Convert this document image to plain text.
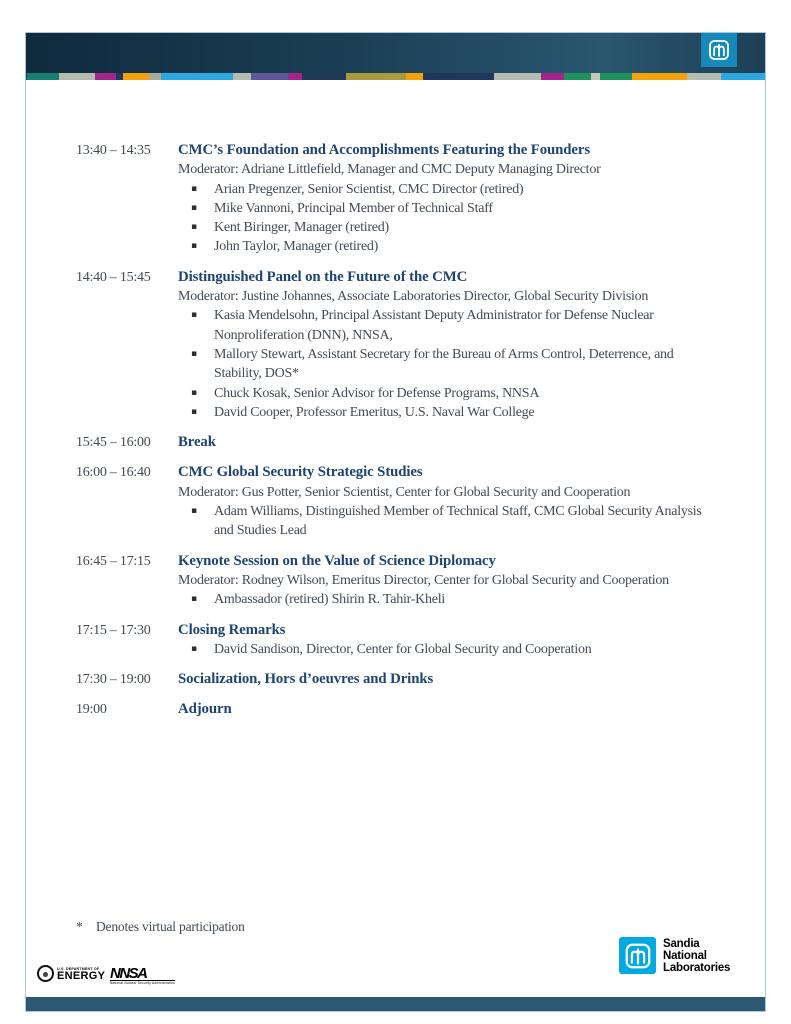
13:40 – 14:35	CMC’s Foundation and Accomplishments Featuring the Founders
Moderator: Adriane Littlefield, Manager and CMC Deputy Managing Director
▪	Arian Pregenzer, Senior Scientist, CMC Director (retired)
▪	Mike Vannoni, Principal Member of Technical Staff
▪	Kent Biringer, Manager (retired)
▪	John Taylor, Manager (retired)
14:40 – 15:45	Distinguished Panel on the Future of the CMC
Moderator: Justine Johannes, Associate Laboratories Director, Global Security Division
▪	Kasia Mendelsohn, Principal Assistant Deputy Administrator for Defense Nuclear Nonproliferation (DNN), NNSA,
▪	Mallory Stewart, Assistant Secretary for the Bureau of Arms Control, Deterrence, and Stability, DOS*
▪	Chuck Kosak, Senior Advisor for Defense Programs, NNSA
▪	David Cooper, Professor Emeritus, U.S. Naval War College
15:45 – 16:00	Break
16:00 – 16:40	CMC Global Security Strategic Studies
Moderator: Gus Potter, Senior Scientist, Center for Global Security and Cooperation
▪	Adam Williams, Distinguished Member of Technical Staff, CMC Global Security Analysis and Studies Lead
16:45 – 17:15	Keynote Session on the Value of Science Diplomacy
Moderator: Rodney Wilson, Emeritus Director, Center for Global Security and Cooperation
▪	Ambassador (retired) Shirin R. Tahir-Kheli
17:15 – 17:30	Closing Remarks
▪	David Sandison, Director, Center for Global Security and Cooperation
17:30 – 19:00	Socialization, Hors d’oeuvres and Drinks
19:00	Adjourn
* Denotes virtual participation
Sandia
National
Laboratories
U.S. DEPARTMENT OF
ENERGY NNSA
National Nuclear Security Administration
